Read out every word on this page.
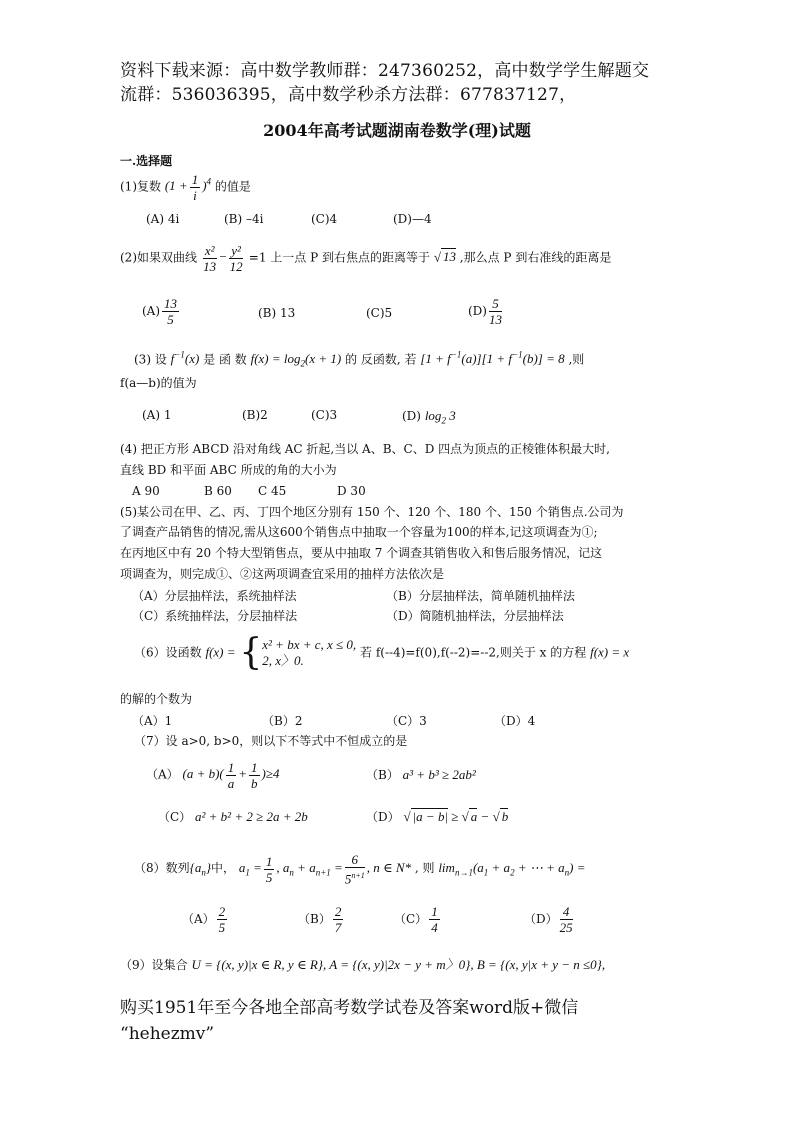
资料下载来源：高中数学教师群：247360252，高中数学学生解题交
流群：536036395，高中数学秒杀方法群：677837127，
2004年高考试题湖南卷数学(理)试题
一.选择题
(1)复数 $(1 + \frac{1}{i} )^4$ 的值是
(A) 4i	(B) –4i	(C)4	(D)—4
(2)如果双曲线 $\frac{\text{x²}}{13} - \frac{\text{y²}}{12} =1$ 上一点 P 到右焦点的距离等于 √ 13 ,那么点 P 到右准线的距离是
$(A) \frac{13}{5}$	(B) 13	(C)5	$(D) \frac{5}{13}$
(3) 设 $f^{-1}(x)$ 是 函 数 $f(x) = \log_2(x + 1)$ 的 反函数, 若 $[1 + f^{-1}(a)][1 + f^{-1}(b)] = 8$ ,则
f(a—b)的值为
(A) 1	(B)2	(C)3	(D) $\log_2 3$
(4) 把正方形 ABCD 沿对角线 AC 折起,当以 A、B、C、D 四点为顶点的正棱锥体积最大时,
直线 BD 和平面 ABC 所成的角的大小为
A 90	B 60 C 45	D 30
(5)某公司在甲、乙、丙、丁四个地区分别有 150 个、120 个、180 个、150 个销售点.公司为
了调查产品销售的情况,需从这600个销售点中抽取一个容量为100的样本,记这项调查为①;
在丙地区中有 20 个特大型销售点，要从中抽取 7 个调查其销售收入和售后服务情况，记这
项调查为，则完成①、②这两项调查宜采用的抽样方法依次是
（A）分层抽样法，系统抽样法	（B）分层抽样法，简单随机抽样法
（C）系统抽样法，分层抽样法	（D）简随机抽样法，分层抽样法
（6）设函数 f(x) = {x² + bx + c, x ≤ 0,
2, x〉0. 若 f(--4)=f(0),f(--2)=--2,则关于 x 的方程 f(x) = x
的解的个数为
（A）1	（B）2	（C）3	（D）4
（7）设 a>0, b>0，则以下不等式中不恒成立的是
（A） $(a + b)( \frac{1}{a} + \frac{1}{b} )\ge 4$	（B） a³ + b³ ≥ 2ab²
（C） a² + b² + 2 ≥ 2a + 2b	（D） √ |a − b| ≥ √ a − √ b
（8）数列$\{a_n\}$中， $a_1 = \frac{1}{5}$ , $a_n + a_{n+1} = \frac{6}{5^{n+1}}$ , n ∈ N* , 则 $\lim_{n\to 1}(a_1 + a_2$ + ⋯ + $a_n$) =
$(A) \frac{2}{5}$	$(B) \frac{2}{7}$	$(C) \frac{1}{4}$	$(D) \frac{4}{25}$
（9）设集合 U = {(x, y)|x ∈ R, y ∈ R}, A = {(x, y)|2x − y + m〉0}, B = {(x, y|x + y − n ≤0},
购买1951年至今各地全部高考数学试卷及答案word版+微信
“hehezmv”
